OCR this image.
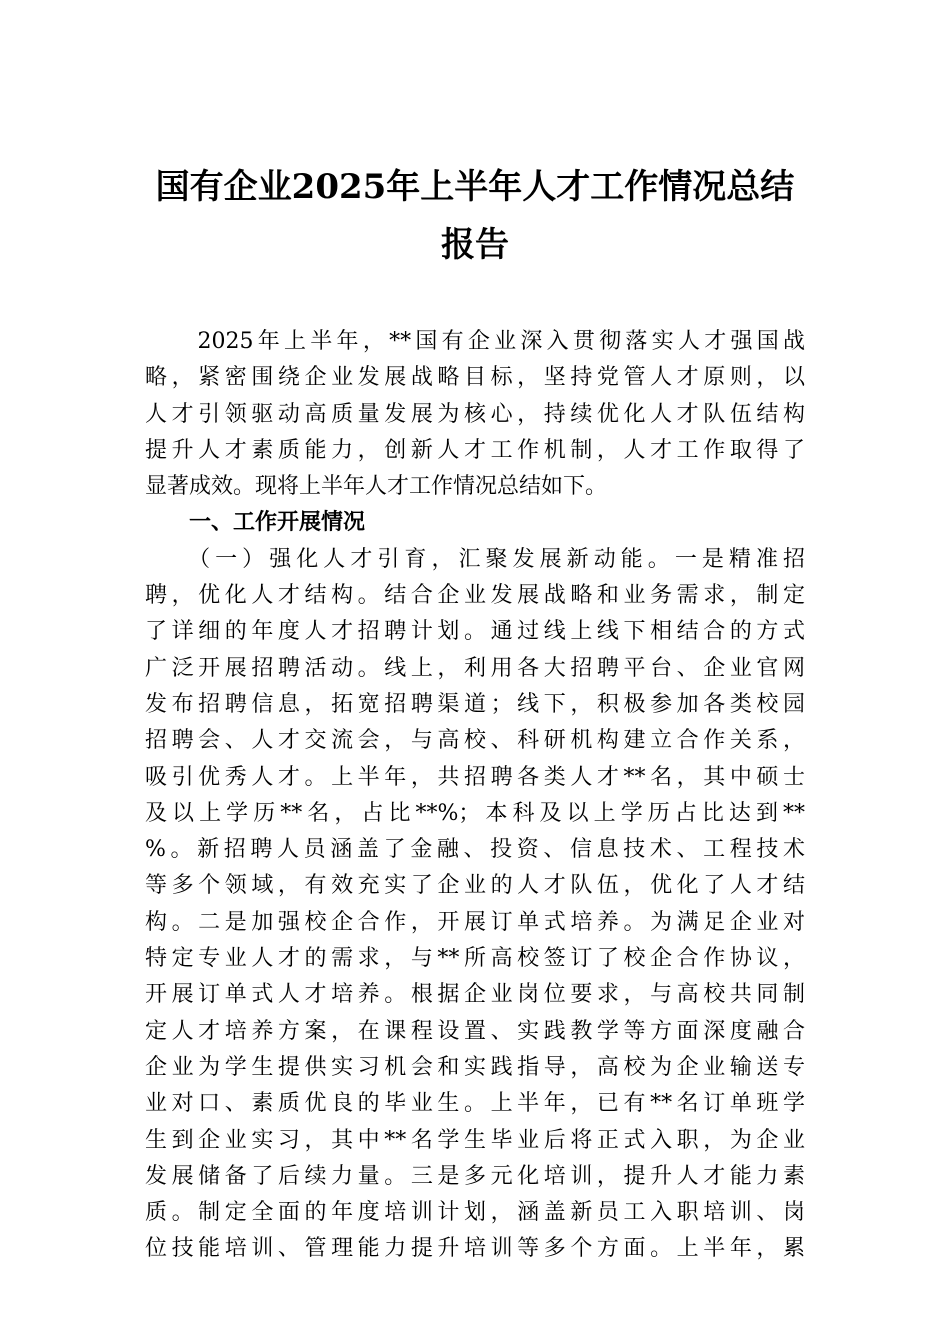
国有企业2025年上半年人才工作情况总结
报告
　　2025年上半年，**国有企业深入贯彻落实人才强国战
略，紧密围绕企业发展战略目标，坚持党管人才原则，以
人才引领驱动高质量发展为核心，持续优化人才队伍结构
提升人才素质能力，创新人才工作机制，人才工作取得了
显著成效。现将上半年人才工作情况总结如下。
　　一、工作开展情况
　　（一）强化人才引育，汇聚发展新动能。一是精准招
聘，优化人才结构。结合企业发展战略和业务需求，制定
了详细的年度人才招聘计划。通过线上线下相结合的方式
广泛开展招聘活动。线上，利用各大招聘平台、企业官网
发布招聘信息，拓宽招聘渠道；线下，积极参加各类校园
招聘会、人才交流会，与高校、科研机构建立合作关系，
吸引优秀人才。上半年，共招聘各类人才**名，其中硕士
及以上学历**名，占比**%；本科及以上学历占比达到**
%。新招聘人员涵盖了金融、投资、信息技术、工程技术
等多个领域，有效充实了企业的人才队伍，优化了人才结
构。二是加强校企合作，开展订单式培养。为满足企业对
特定专业人才的需求，与**所高校签订了校企合作协议，
开展订单式人才培养。根据企业岗位要求，与高校共同制
定人才培养方案，在课程设置、实践教学等方面深度融合
企业为学生提供实习机会和实践指导，高校为企业输送专
业对口、素质优良的毕业生。上半年，已有**名订单班学
生到企业实习，其中**名学生毕业后将正式入职，为企业
发展储备了后续力量。三是多元化培训，提升人才能力素
质。制定全面的年度培训计划，涵盖新员工入职培训、岗
位技能培训、管理能力提升培训等多个方面。上半年，累
